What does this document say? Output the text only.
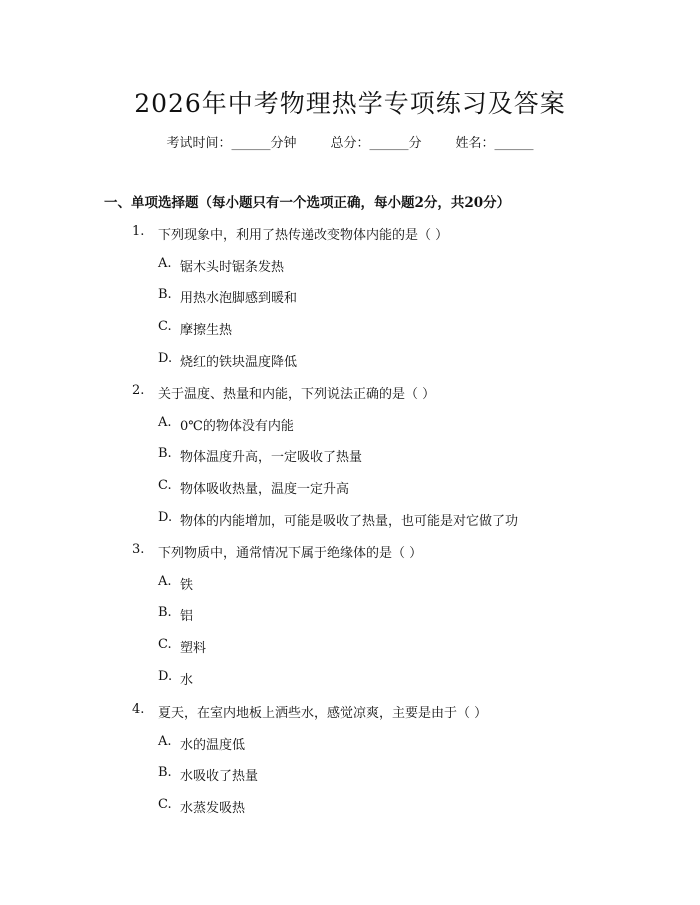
2026年中考物理热学专项练习及答案
考试时间：______分钟	总分：______分	姓名：______
一、单项选择题（每小题只有一个选项正确，每小题2分，共20分）
1.	下列现象中，利用了热传递改变物体内能的是（ ）
A. 锯木头时锯条发热
B. 用热水泡脚感到暖和
C. 摩擦生热
D. 烧红的铁块温度降低
2.	关于温度、热量和内能，下列说法正确的是（ ）
A. 0℃的物体没有内能
B. 物体温度升高，一定吸收了热量
C. 物体吸收热量，温度一定升高
D. 物体的内能增加，可能是吸收了热量，也可能是对它做了功
3.	下列物质中，通常情况下属于绝缘体的是（ ）
A. 铁
B. 铝
C. 塑料
D. 水
4.	夏天，在室内地板上洒些水，感觉凉爽，主要是由于（ ）
A. 水的温度低
B. 水吸收了热量
C. 水蒸发吸热
